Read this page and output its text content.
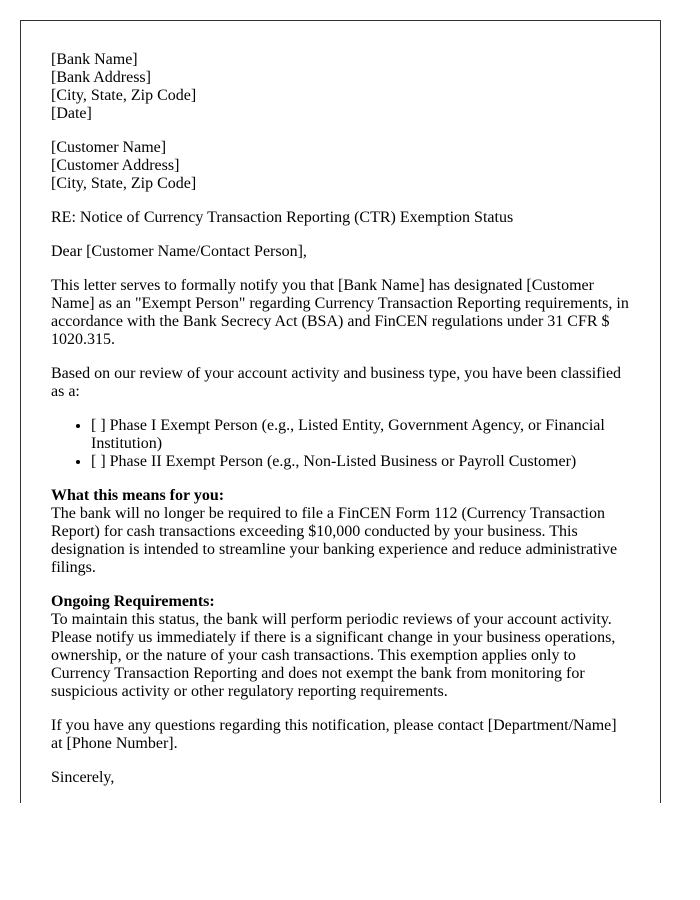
[Bank Name]
[Bank Address]
[City, State, Zip Code]
[Date]
[Customer Name]
[Customer Address]
[City, State, Zip Code]

RE: Notice of Currency Transaction Reporting (CTR) Exemption Status

Dear [Customer Name/Contact Person],

This letter serves to formally notify you that [Bank Name] has designated [Customer Name] as an "Exempt Person" regarding Currency Transaction Reporting requirements, in accordance with the Bank Secrecy Act (BSA) and FinCEN regulations under 31 CFR $ 1020.315.

Based on our review of your account activity and business type, you have been classified as a:

• [ ] Phase I Exempt Person (e.g., Listed Entity, Government Agency, or Financial Institution)
• [ ] Phase II Exempt Person (e.g., Non-Listed Business or Payroll Customer)

What this means for you:
The bank will no longer be required to file a FinCEN Form 112 (Currency Transaction Report) for cash transactions exceeding $10,000 conducted by your business. This designation is intended to streamline your banking experience and reduce administrative filings.

Ongoing Requirements:
To maintain this status, the bank will perform periodic reviews of your account activity. Please notify us immediately if there is a significant change in your business operations, ownership, or the nature of your cash transactions. This exemption applies only to Currency Transaction Reporting and does not exempt the bank from monitoring for suspicious activity or other regulatory reporting requirements.

If you have any questions regarding this notification, please contact [Department/Name] at [Phone Number].

Sincerely,
